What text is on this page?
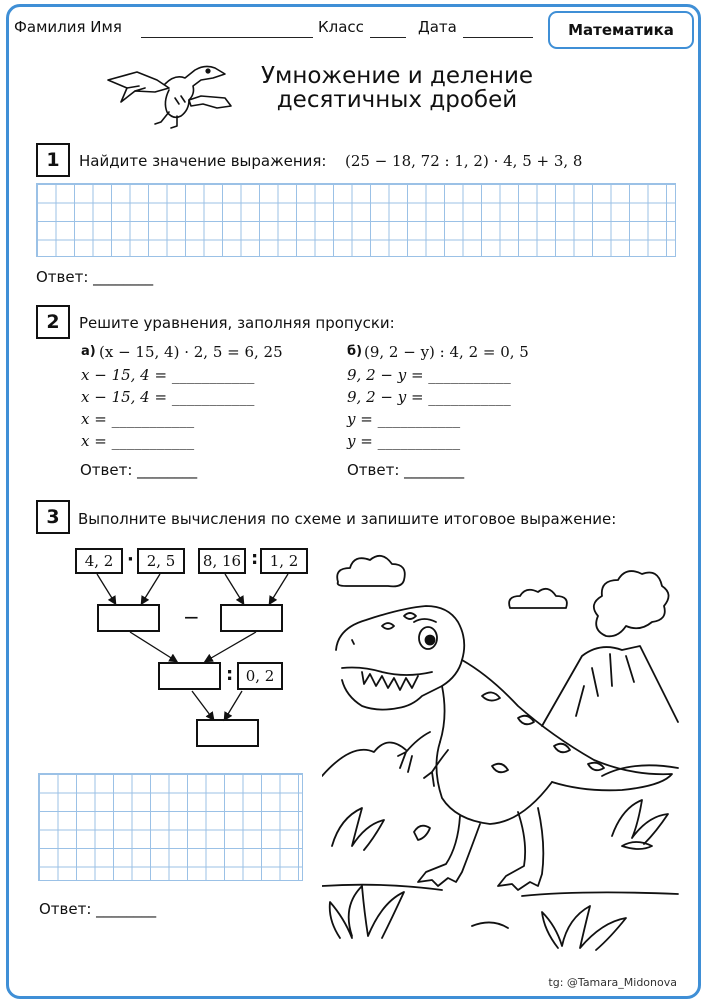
Фамилия Имя	Класс	Дата	Математика
Умножение и деление
десятичных дробей
1	Найдите значение выражения: (25 − 18, 72 : 1, 2) · 4, 5 + 3, 8
Ответ: ________
2	Решите уравнения, заполняя пропуски:
а) (x − 15, 4) · 2, 5 = 6, 25
x − 15, 4 = ___________
x − 15, 4 = ___________
x = ___________
x = ___________
Ответ: ________
б) (9, 2 − y) : 4, 2 = 0, 5
9, 2 − y = ___________
9, 2 − y = ___________
y = ___________
y = ___________
Ответ: ________
3	Выполните вычисления по схеме и запишите итоговое выражение:
4, 2 · 2, 5	8, 16 : 1, 2
−
: 0, 2
Ответ: ________
tg: @Tamara_Midonova
